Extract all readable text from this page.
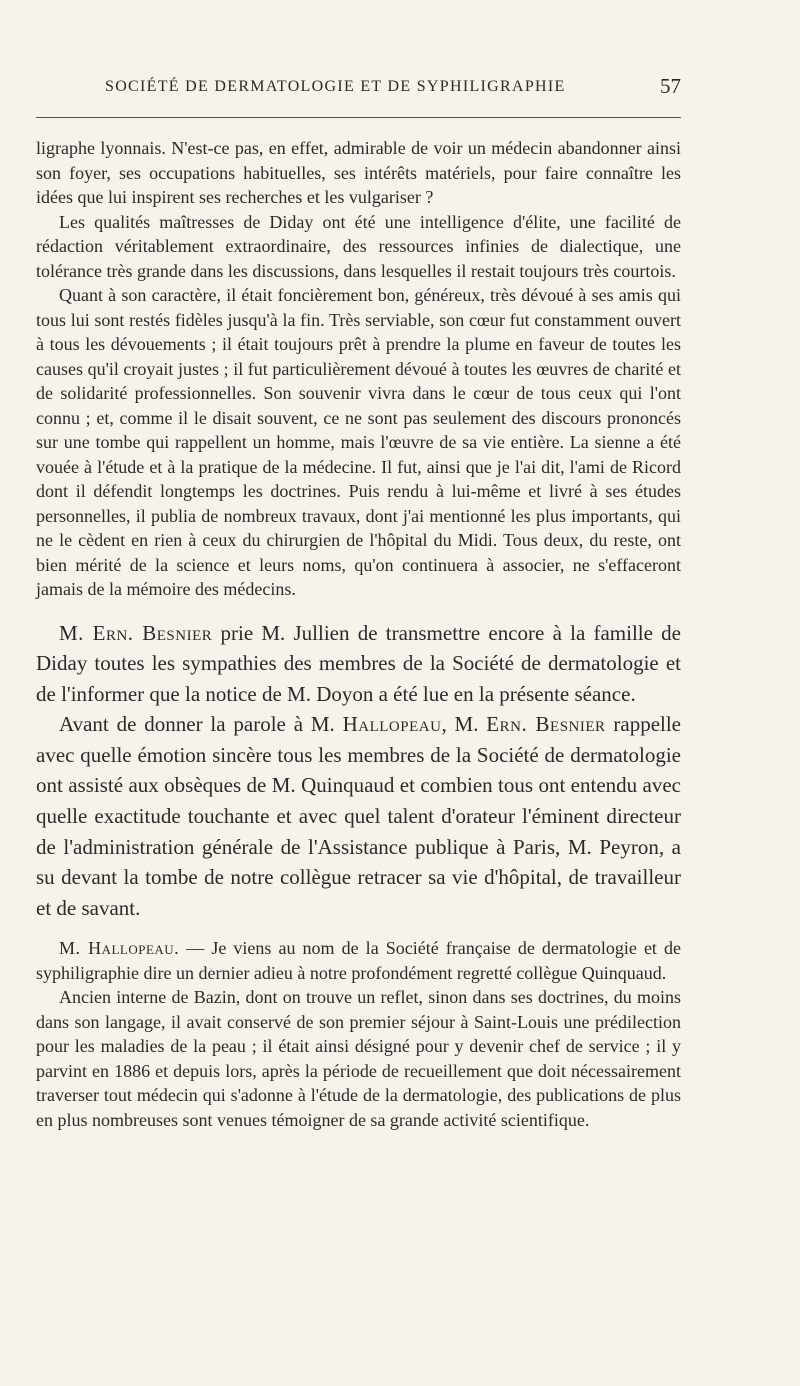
SOCIÉTÉ DE DERMATOLOGIE ET DE SYPHILIGRAPHIE	57

ligraphe lyonnais. N'est-ce pas, en effet, admirable de voir un médecin abandonner ainsi son foyer, ses occupations habituelles, ses intérêts matériels, pour faire connaître les idées que lui inspirent ses recherches et les vulgariser ?

Les qualités maîtresses de Diday ont été une intelligence d'élite, une facilité de rédaction véritablement extraordinaire, des ressources infinies de dialectique, une tolérance très grande dans les discussions, dans lesquelles il restait toujours très courtois.

Quant à son caractère, il était foncièrement bon, généreux, très dévoué à ses amis qui tous lui sont restés fidèles jusqu'à la fin. Très serviable, son cœur fut constamment ouvert à tous les dévouements ; il était toujours prêt à prendre la plume en faveur de toutes les causes qu'il croyait justes ; il fut particulièrement dévoué à toutes les œuvres de charité et de solidarité professionnelles. Son souvenir vivra dans le cœur de tous ceux qui l'ont connu ; et, comme il le disait souvent, ce ne sont pas seulement des discours prononcés sur une tombe qui rappellent un homme, mais l'œuvre de sa vie entière. La sienne a été vouée à l'étude et à la pratique de la médecine. Il fut, ainsi que je l'ai dit, l'ami de Ricord dont il défendit longtemps les doctrines. Puis rendu à lui-même et livré à ses études personnelles, il publia de nombreux travaux, dont j'ai mentionné les plus importants, qui ne le cèdent en rien à ceux du chirurgien de l'hôpital du Midi. Tous deux, du reste, ont bien mérité de la science et leurs noms, qu'on continuera à associer, ne s'effaceront jamais de la mémoire des médecins.

M. Ern. Besnier prie M. Jullien de transmettre encore à la famille de Diday toutes les sympathies des membres de la Société de dermatologie et de l'informer que la notice de M. Doyon a été lue en la présente séance.

Avant de donner la parole à M. Hallopeau, M. Ern. Besnier rappelle avec quelle émotion sincère tous les membres de la Société de dermatologie ont assisté aux obsèques de M. Quinquaud et combien tous ont entendu avec quelle exactitude touchante et avec quel talent d'orateur l'éminent directeur de l'administration générale de l'Assistance publique à Paris, M. Peyron, a su devant la tombe de notre collègue retracer sa vie d'hôpital, de travailleur et de savant.

M. Hallopeau. — Je viens au nom de la Société française de dermatologie et de syphiligraphie dire un dernier adieu à notre profondément regretté collègue Quinquaud.

Ancien interne de Bazin, dont on trouve un reflet, sinon dans ses doctrines, du moins dans son langage, il avait conservé de son premier séjour à Saint-Louis une prédilection pour les maladies de la peau ; il était ainsi désigné pour y devenir chef de service ; il y parvint en 1886 et depuis lors, après la période de recueillement que doit nécessairement traverser tout médecin qui s'adonne à l'étude de la dermatologie, des publications de plus en plus nombreuses sont venues témoigner de sa grande activité scientifique.
